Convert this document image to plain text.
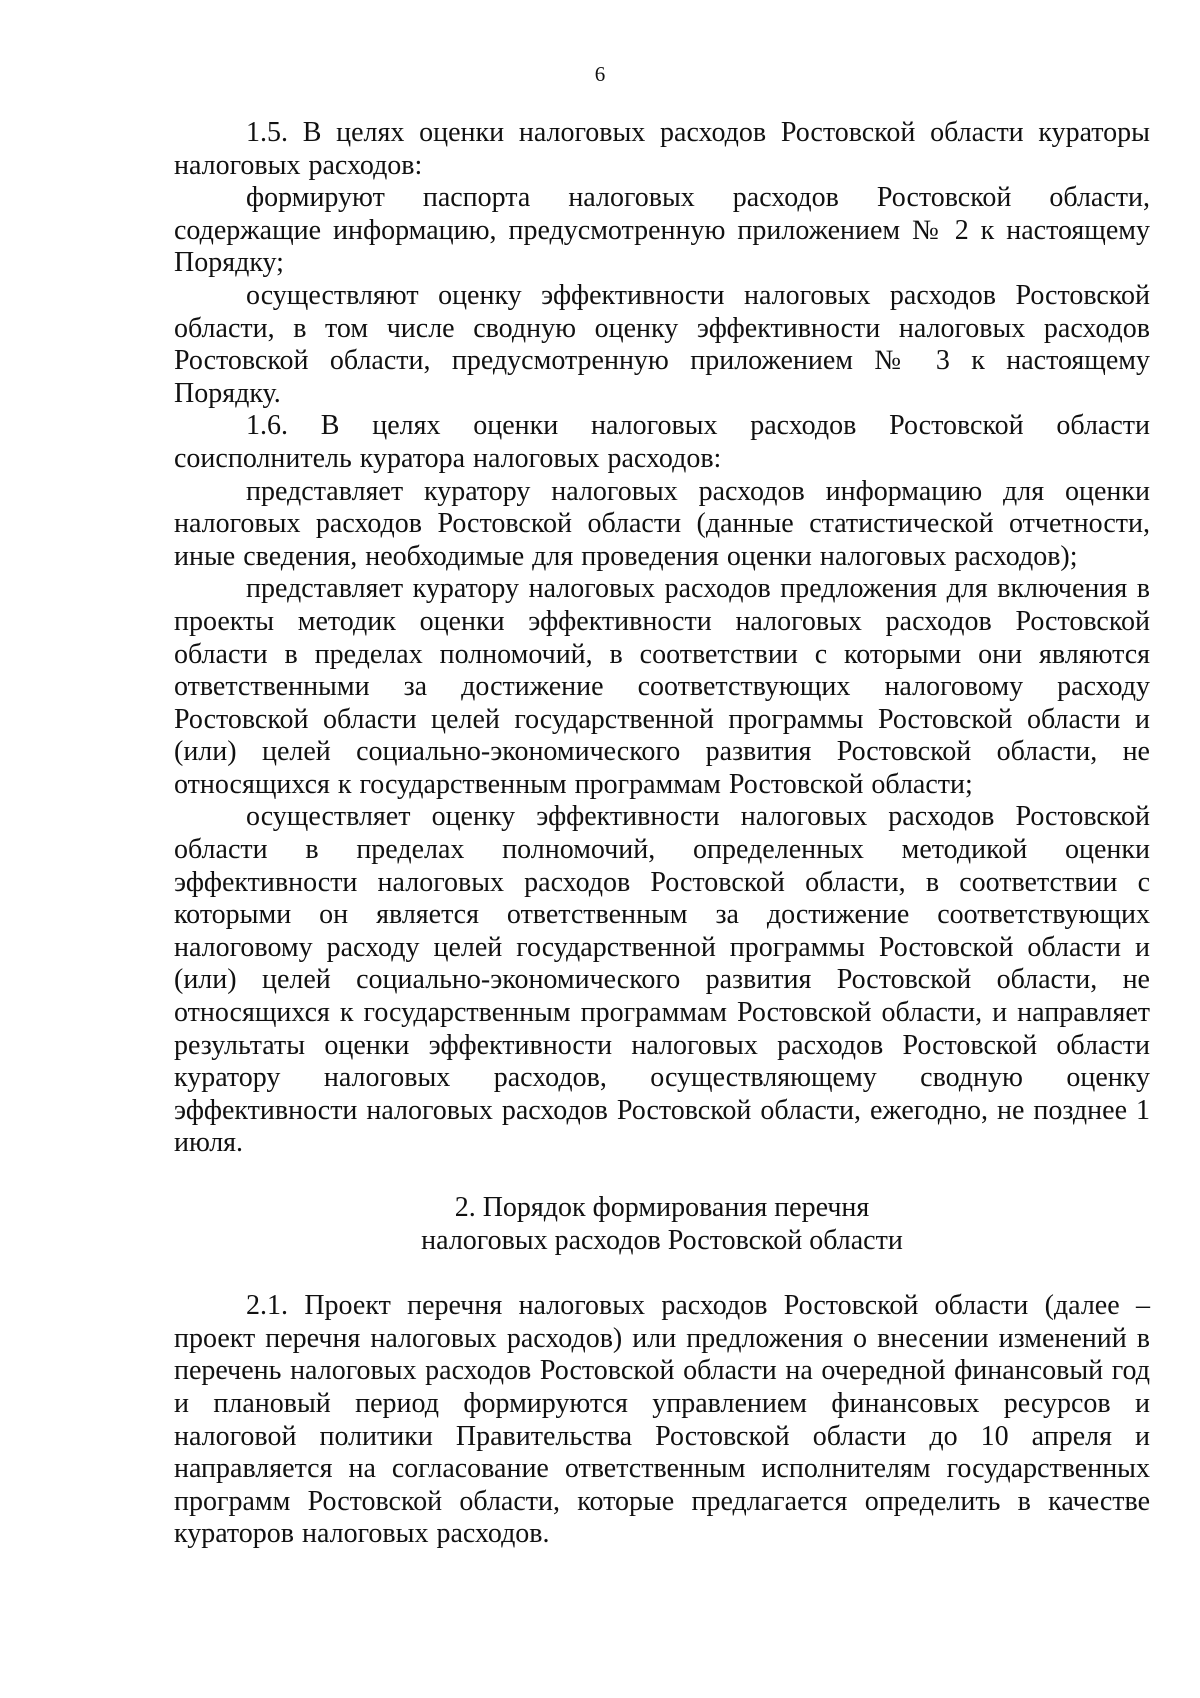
6

1.5. В целях оценки налоговых расходов Ростовской области кураторы налоговых расходов:

формируют паспорта налоговых расходов Ростовской области, содержащие информацию, предусмотренную приложением № 2 к настоящему Порядку;

осуществляют оценку эффективности налоговых расходов Ростовской области, в том числе сводную оценку эффективности налоговых расходов Ростовской области, предусмотренную приложением № 3 к настоящему Порядку.

1.6. В целях оценки налоговых расходов Ростовской области соисполнитель куратора налоговых расходов:

представляет куратору налоговых расходов информацию для оценки налоговых расходов Ростовской области (данные статистической отчетности, иные сведения, необходимые для проведения оценки налоговых расходов);

представляет куратору налоговых расходов предложения для включения в проекты методик оценки эффективности налоговых расходов Ростовской области в пределах полномочий, в соответствии с которыми они являются ответственными за достижение соответствующих налоговому расходу Ростовской области целей государственной программы Ростовской области и (или) целей социально-экономического развития Ростовской области, не относящихся к государственным программам Ростовской области;

осуществляет оценку эффективности налоговых расходов Ростовской области в пределах полномочий, определенных методикой оценки эффективности налоговых расходов Ростовской области, в соответствии с которыми он является ответственным за достижение соответствующих налоговому расходу целей государственной программы Ростовской области и (или) целей социально-экономического развития Ростовской области, не относящихся к государственным программам Ростовской области, и направляет результаты оценки эффективности налоговых расходов Ростовской области куратору налоговых расходов, осуществляющему сводную оценку эффективности налоговых расходов Ростовской области, ежегодно, не позднее 1 июля.

2. Порядок формирования перечня
налоговых расходов Ростовской области

2.1. Проект перечня налоговых расходов Ростовской области (далее – проект перечня налоговых расходов) или предложения о внесении изменений в перечень налоговых расходов Ростовской области на очередной финансовый год и плановый период формируются управлением финансовых ресурсов и налоговой политики Правительства Ростовской области до 10 апреля и направляется на согласование ответственным исполнителям государственных программ Ростовской области, которые предлагается определить в качестве кураторов налоговых расходов.
